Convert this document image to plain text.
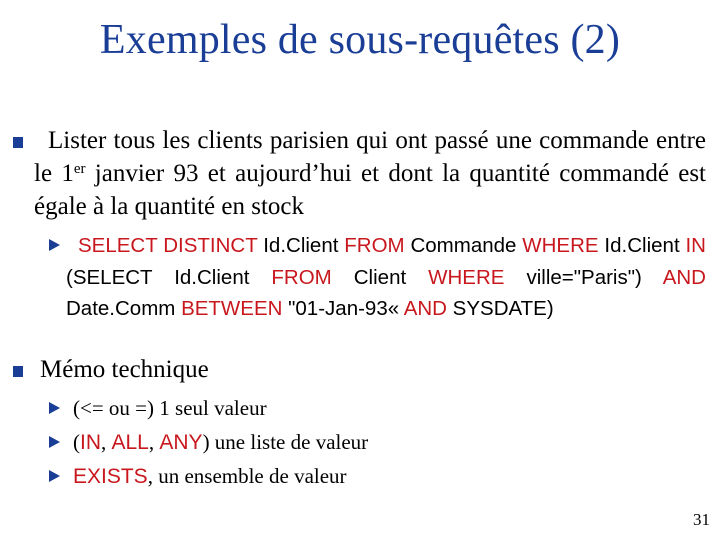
Exemples de sous-requêtes (2)
Lister tous les clients parisien qui ont passé une commande entre le 1er janvier 93 et aujourd’hui et dont la quantité commandé est égale à la quantité en stock
SELECT DISTINCT Id.Client FROM Commande WHERE Id.Client IN (SELECT Id.Client FROM Client WHERE ville="Paris") AND Date.Comm BETWEEN "01-Jan-93« AND SYSDATE)
Mémo technique
(<= ou =) 1 seul valeur
(IN, ALL, ANY) une liste de valeur
EXISTS, un ensemble de valeur
31
